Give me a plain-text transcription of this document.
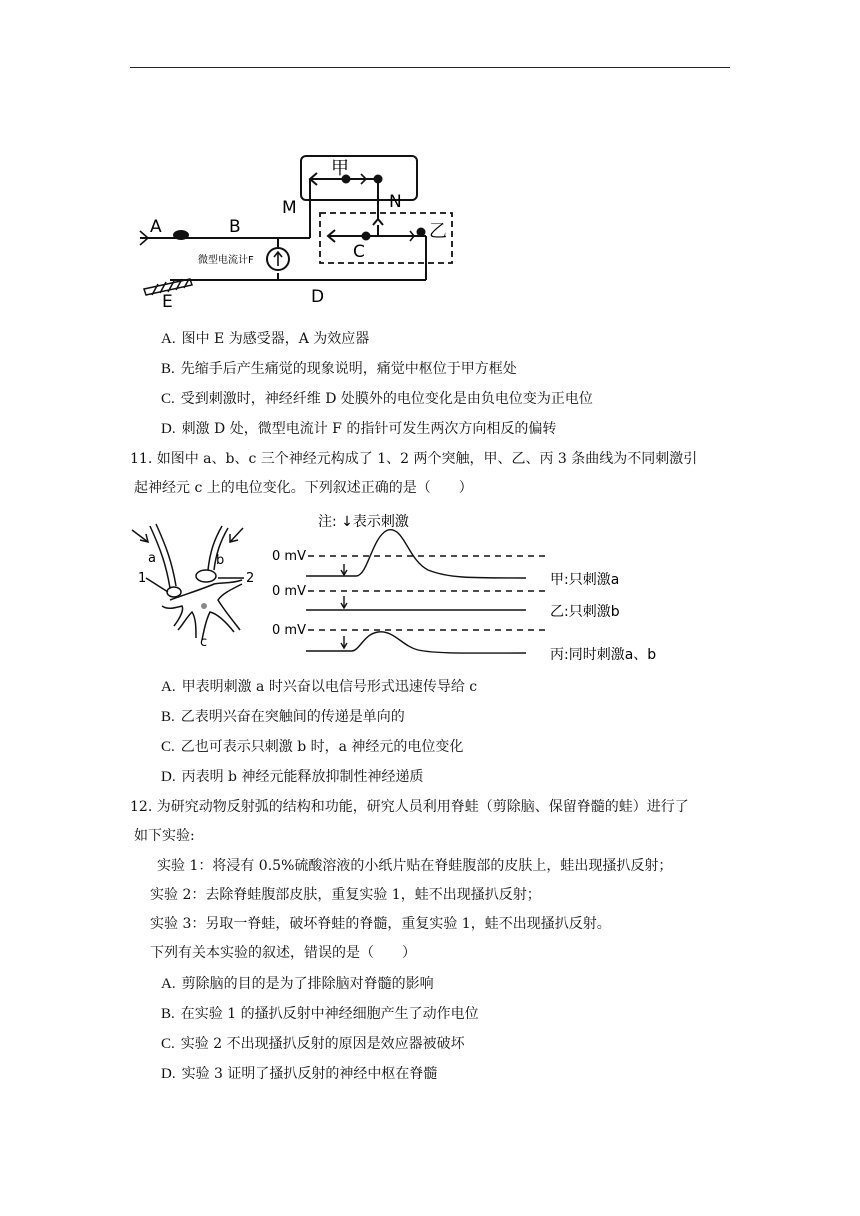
A	B
M	N
C
D
E
甲
乙
微型电流计F
A. 图中 E 为感受器，A 为效应器
B. 先缩手后产生痛觉的现象说明，痛觉中枢位于甲方框处
C. 受到刺激时，神经纤维 D 处膜外的电位变化是由负电位变为正电位
D. 刺激 D 处，微型电流计 F 的指针可发生两次方向相反的偏转
11. 如图中 a、b、c 三个神经元构成了 1、2 两个突触，甲、乙、丙 3 条曲线为不同刺激引
起神经元 c 上的电位变化。下列叙述正确的是（　　）
a	b
c
1	2
注: ↓表示刺激
0 mV
0 mV
0 mV
甲:只刺激a
乙:只刺激b
丙:同时刺激a、b
A. 甲表明刺激 a 时兴奋以电信号形式迅速传导给 c
B. 乙表明兴奋在突触间的传递是单向的
C. 乙也可表示只刺激 b 时，a 神经元的电位变化
D. 丙表明 b 神经元能释放抑制性神经递质
12. 为研究动物反射弧的结构和功能，研究人员利用脊蛙（剪除脑、保留脊髓的蛙）进行了
如下实验:
实验 1：将浸有 0.5%硫酸溶液的小纸片贴在脊蛙腹部的皮肤上，蛙出现搔扒反射；
实验 2：去除脊蛙腹部皮肤，重复实验 1，蛙不出现搔扒反射；
实验 3：另取一脊蛙，破坏脊蛙的脊髓，重复实验 1，蛙不出现搔扒反射。
下列有关本实验的叙述，错误的是（　　）
A. 剪除脑的目的是为了排除脑对脊髓的影响
B. 在实验 1 的搔扒反射中神经细胞产生了动作电位
C. 实验 2 不出现搔扒反射的原因是效应器被破坏
D. 实验 3 证明了搔扒反射的神经中枢在脊髓
